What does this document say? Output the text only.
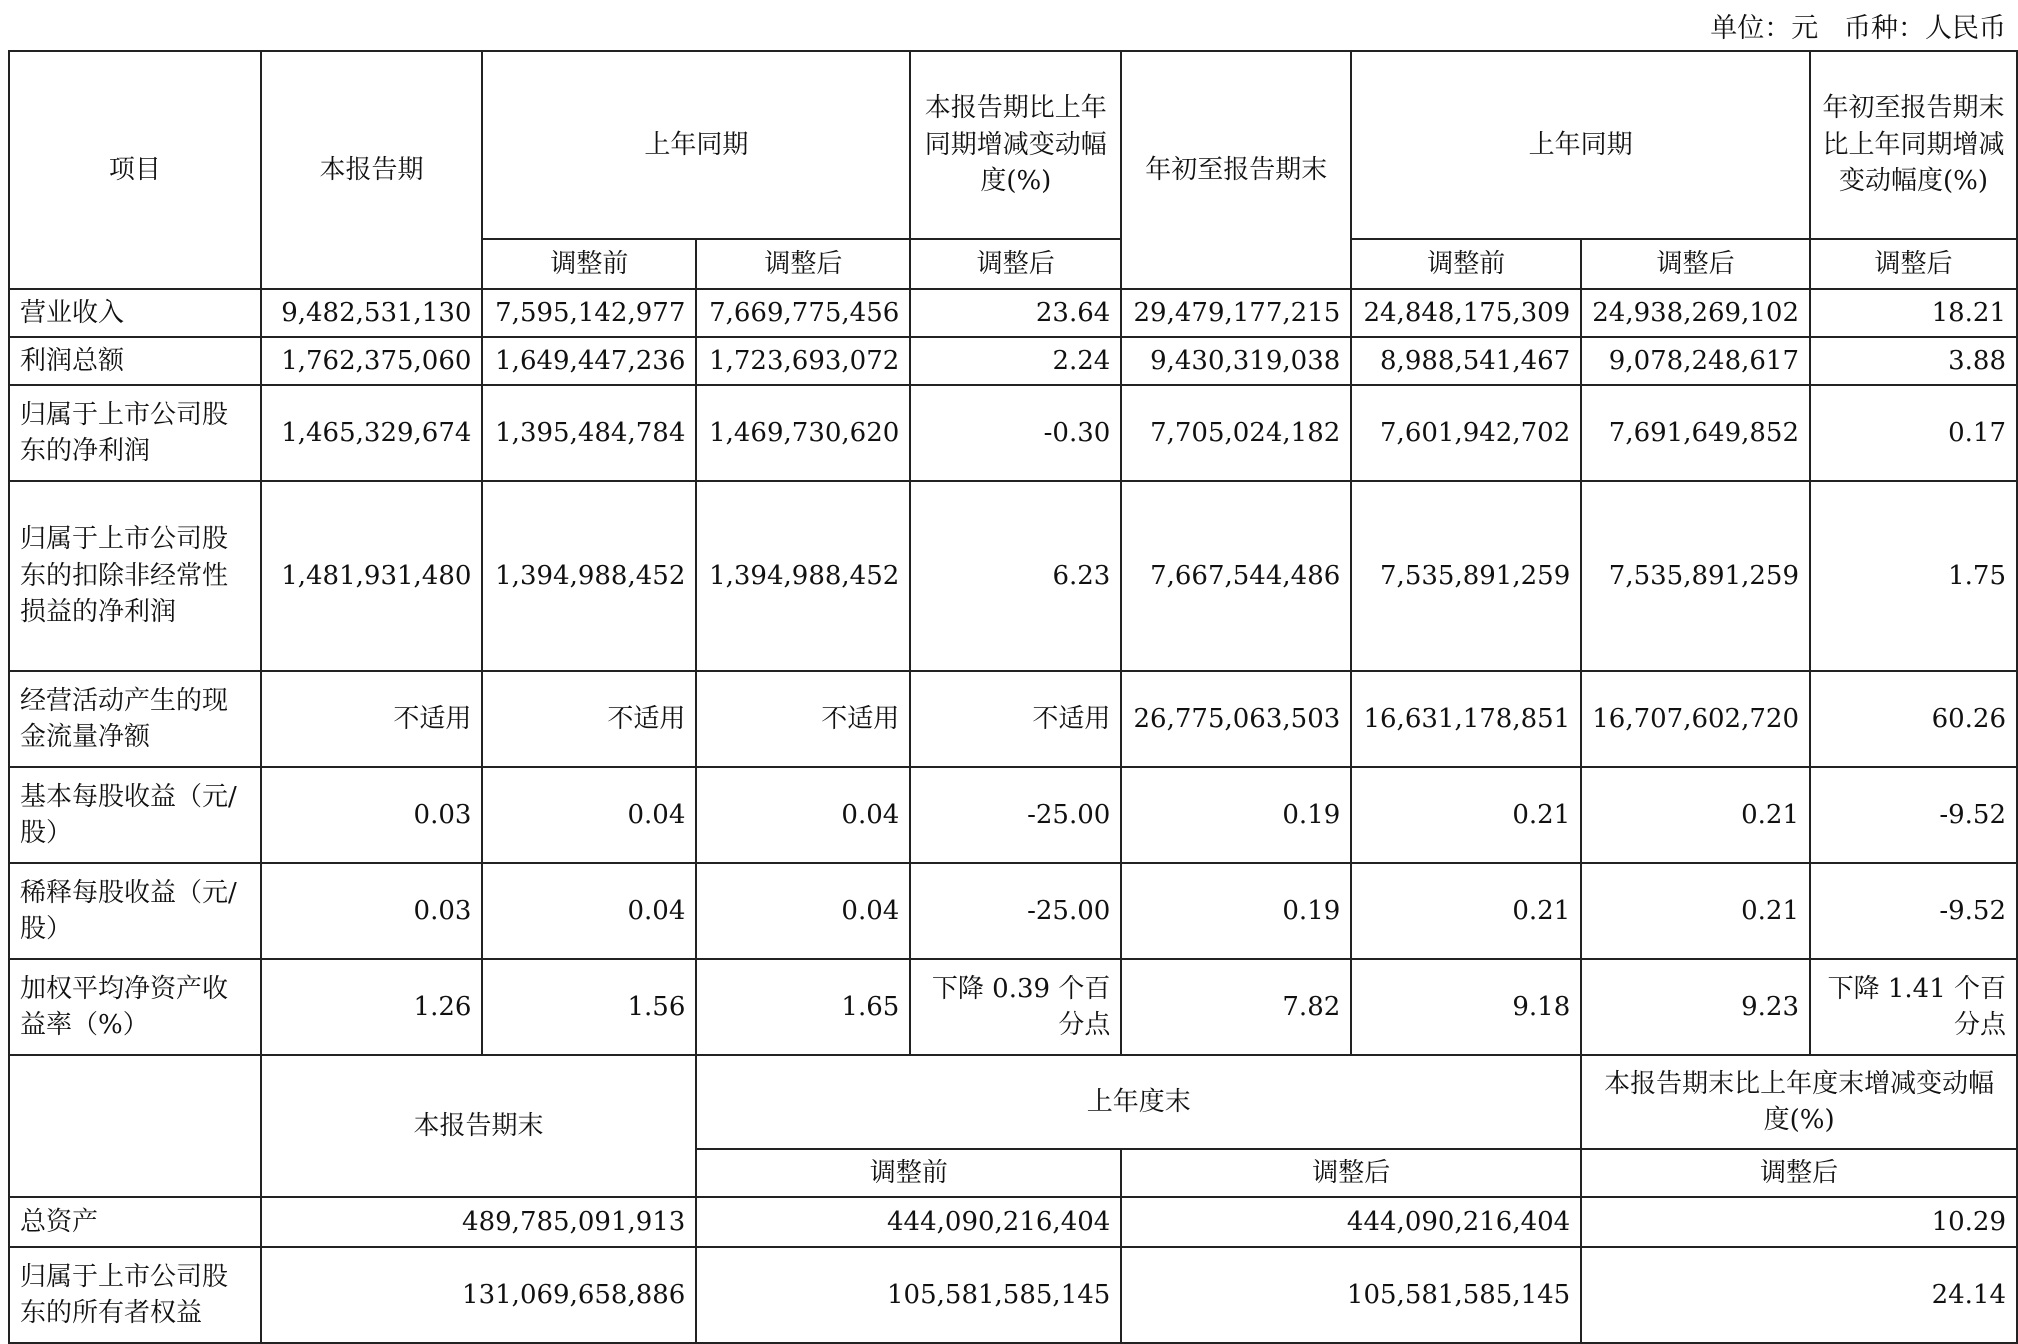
单位：元   币种：人民币
项目	本报告期	上年同期		本报告期比上年同期增减变动幅度(%)	年初至报告期末	上年同期		年初至报告期末比上年同期增减变动幅度(%)
		调整前	调整后	调整后		调整前	调整后	调整后
营业收入	9,482,531,130	7,595,142,977	7,669,775,456	23.64	29,479,177,215	24,848,175,309	24,938,269,102	18.21
利润总额	1,762,375,060	1,649,447,236	1,723,693,072	2.24	9,430,319,038	8,988,541,467	9,078,248,617	3.88
归属于上市公司股东的净利润	1,465,329,674	1,395,484,784	1,469,730,620	-0.30	7,705,024,182	7,601,942,702	7,691,649,852	0.17
归属于上市公司股东的扣除非经常性损益的净利润	1,481,931,480	1,394,988,452	1,394,988,452	6.23	7,667,544,486	7,535,891,259	7,535,891,259	1.75
经营活动产生的现金流量净额	不适用	不适用	不适用	不适用	26,775,063,503	16,631,178,851	16,707,602,720	60.26
基本每股收益（元/股）	0.03	0.04	0.04	-25.00	0.19	0.21	0.21	-9.52
稀释每股收益（元/股）	0.03	0.04	0.04	-25.00	0.19	0.21	0.21	-9.52
加权平均净资产收益率（%）	1.26	1.56	1.65	下降 0.39 个百分点	7.82	9.18	9.23	下降 1.41 个百分点
	本报告期末		上年度末				本报告期末比上年度末增减变动幅度(%)	
			调整前		调整后		调整后	
总资产	489,785,091,913		444,090,216,404		444,090,216,404		10.29	
归属于上市公司股东的所有者权益	131,069,658,886		105,581,585,145		105,581,585,145		24.14	
